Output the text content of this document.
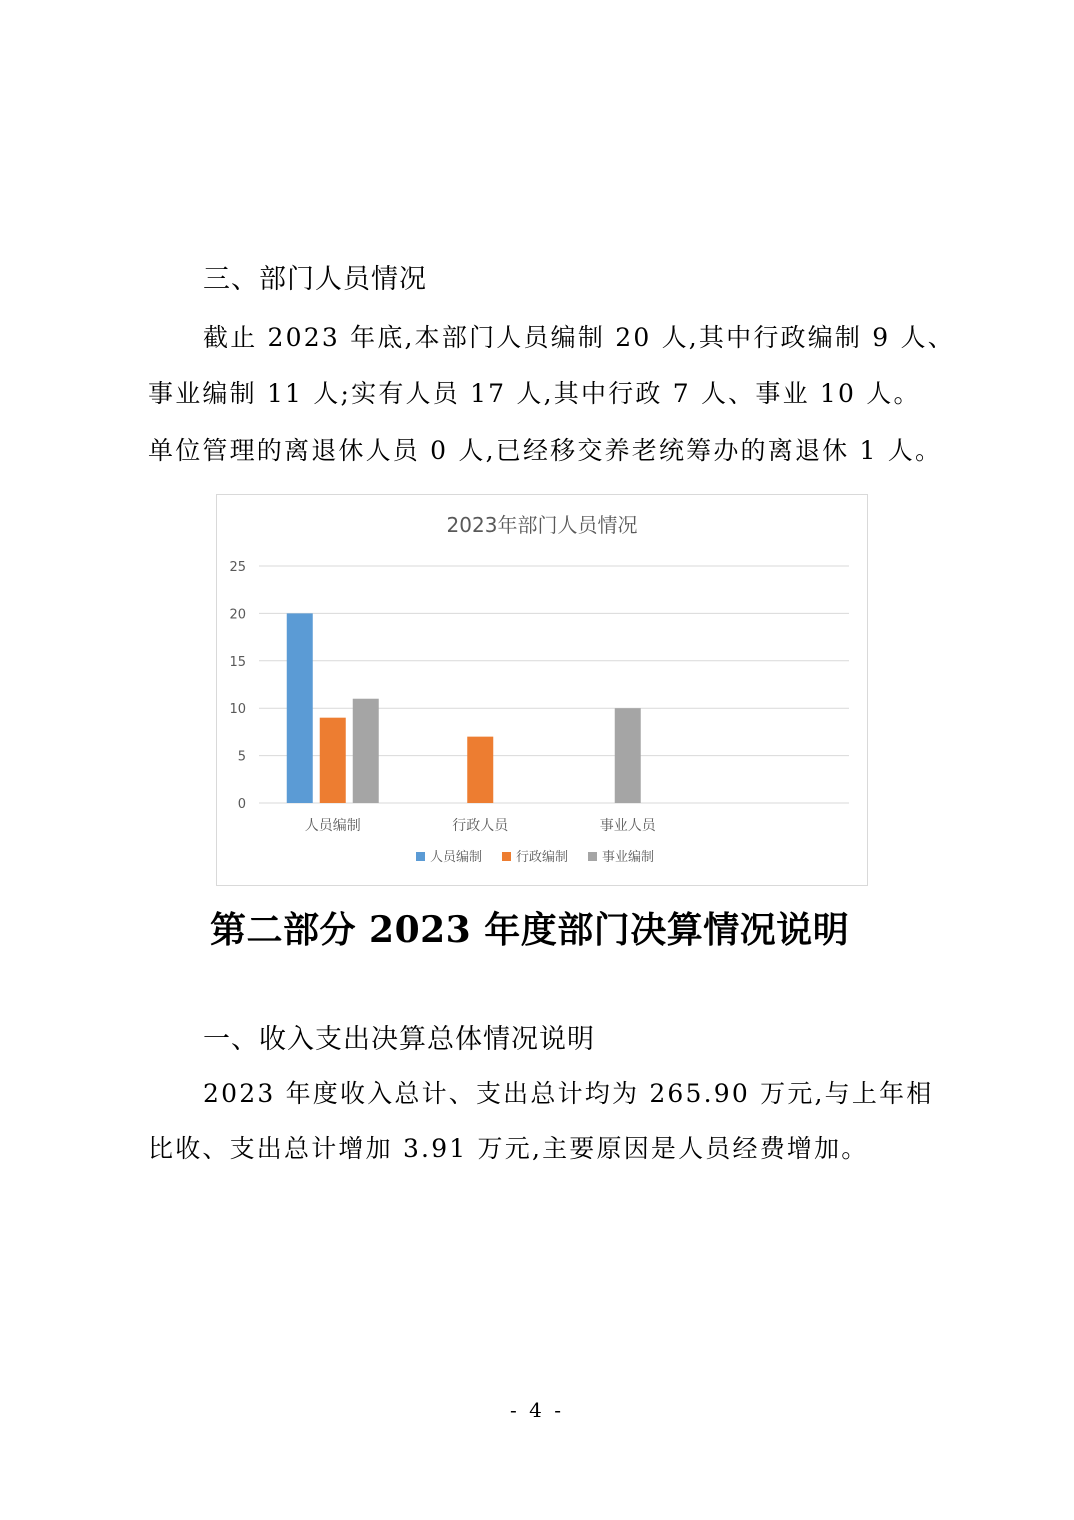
三、部门人员情况
截止 2023 年底,本部门人员编制 20 人,其中行政编制 9 人、
事业编制 11 人;实有人员 17 人,其中行政 7 人、事业 10 人。
单位管理的离退休人员 0 人,已经移交养老统筹办的离退休 1 人。
2023年部门人员情况
0
5
10
15
20
25
人员编制	行政人员	事业人员
人员编制	行政编制	事业编制
第二部分 2023 年度部门决算情况说明
一、收入支出决算总体情况说明
2023 年度收入总计、支出总计均为 265.90 万元,与上年相
比收、支出总计增加 3.91 万元,主要原因是人员经费增加。
- 4 -
